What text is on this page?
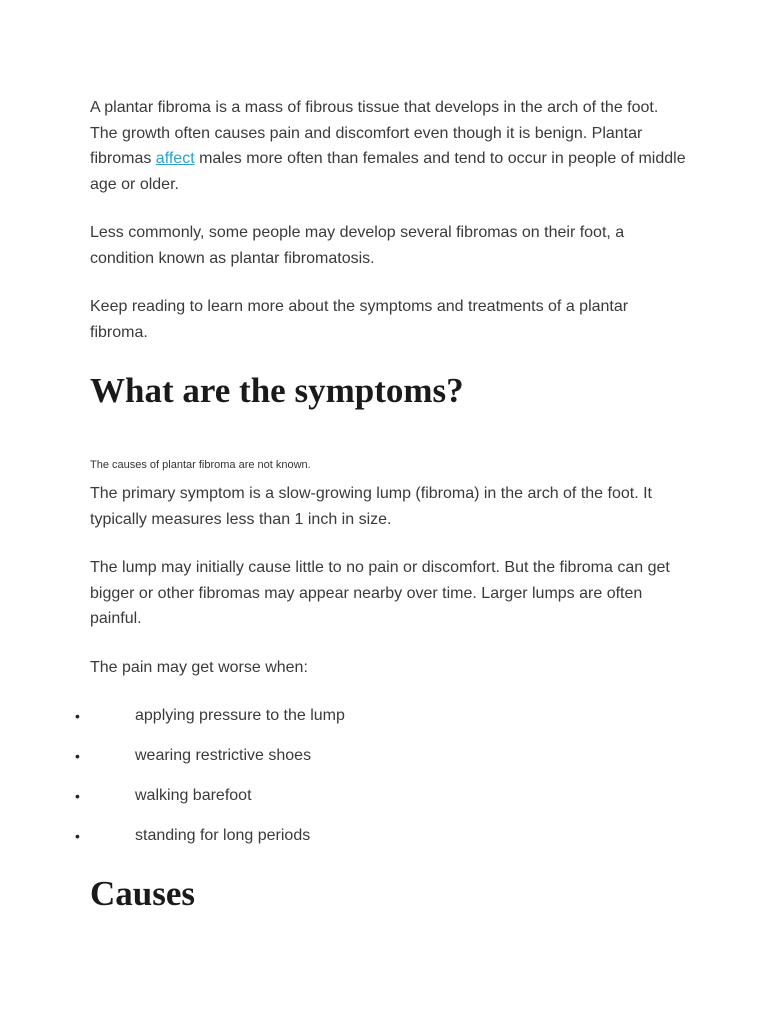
A plantar fibroma is a mass of fibrous tissue that develops in the arch of the foot. The growth often causes pain and discomfort even though it is benign. Plantar fibromas affect males more often than females and tend to occur in people of middle age or older.

Less commonly, some people may develop several fibromas on their foot, a condition known as plantar fibromatosis.

Keep reading to learn more about the symptoms and treatments of a plantar fibroma.

What are the symptoms?

The causes of plantar fibroma are not known.

The primary symptom is a slow-growing lump (fibroma) in the arch of the foot. It typically measures less than 1 inch in size.

The lump may initially cause little to no pain or discomfort. But the fibroma can get bigger or other fibromas may appear nearby over time. Larger lumps are often painful.

The pain may get worse when:

•	applying pressure to the lump
•	wearing restrictive shoes
•	walking barefoot
•	standing for long periods
Causes
